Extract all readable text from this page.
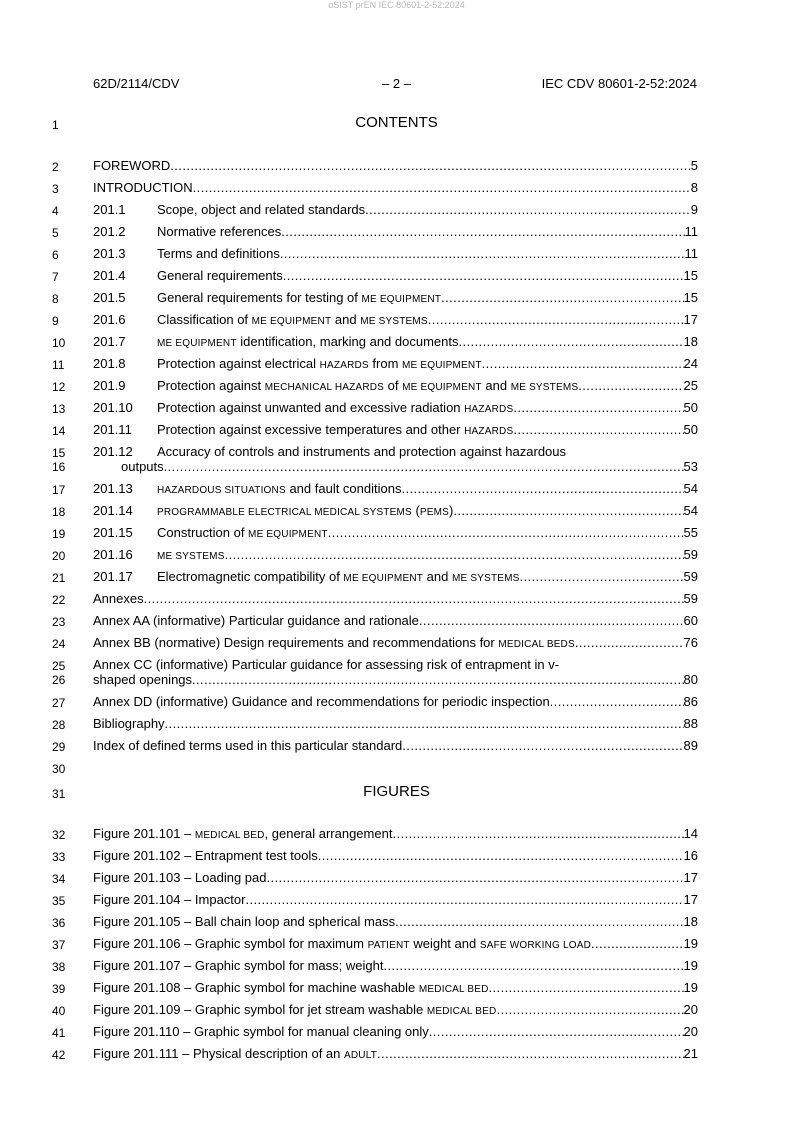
oSIST prEN IEC 80601-2-52:2024
62D/2114/CDV	– 2 –	IEC CDV 80601-2-52:2024
1
2
3
4
5
6
7
8
9
10
11
12
13
14
15
16
17
18
19
20
21
22
23
24
25
26
27
28
29
30
31
32
33
34
35
36
37
38
39
40
41
42
CONTENTS
FOREWORD .....	5
INTRODUCTION .....	8
201.1	Scope, object and related standards .....	9
201.2	Normative references .....	11
201.3	Terms and definitions .....	11
201.4	General requirements .....	15
201.5	General requirements for testing of ME EQUIPMENT .....	15
201.6	Classification of ME EQUIPMENT and ME SYSTEMS .....	17
201.7	ME EQUIPMENT identification, marking and documents .....	18
201.8	Protection against electrical HAZARDS from ME EQUIPMENT .....	24
201.9	Protection against MECHANICAL HAZARDS of ME EQUIPMENT and ME SYSTEMS .....	25
201.10	Protection against unwanted and excessive radiation HAZARDS .....	50
201.11	Protection against excessive temperatures and other HAZARDS .....	50
201.12 Accuracy of controls and instruments and protection against hazardous
outputs .....	53
201.13	HAZARDOUS SITUATIONS and fault conditions .....	54
201.14	PROGRAMMABLE ELECTRICAL MEDICAL SYSTEMS (PEMS) .....	54
201.15	Construction of ME EQUIPMENT .....	55
201.16	ME SYSTEMS .....	59
201.17	Electromagnetic compatibility of ME EQUIPMENT and ME SYSTEMS .....	59
Annexes .....	59
Annex AA (informative) Particular guidance and rationale .....	60
Annex BB (normative) Design requirements and recommendations for MEDICAL BEDS .....	76
Annex CC (informative) Particular guidance for assessing risk of entrapment in v-
shaped openings .....	80
Annex DD (informative) Guidance and recommendations for periodic inspection .....	86
Bibliography .....	88
Index of defined terms used in this particular standard .....	89
FIGURES
Figure 201.101 – MEDICAL BED, general arrangement .....	14
Figure 201.102 – Entrapment test tools .....	16
Figure 201.103 – Loading pad .....	17
Figure 201.104 – Impactor .....	17
Figure 201.105 – Ball chain loop and spherical mass .....	18
Figure 201.106 – Graphic symbol for maximum PATIENT weight and SAFE WORKING LOAD .....	19
Figure 201.107 – Graphic symbol for mass; weight .....	19
Figure 201.108 – Graphic symbol for machine washable MEDICAL BED .....	19
Figure 201.109 – Graphic symbol for jet stream washable MEDICAL BED .....	20
Figure 201.110 – Graphic symbol for manual cleaning only .....	20
Figure 201.111 – Physical description of an ADULT .....	21
